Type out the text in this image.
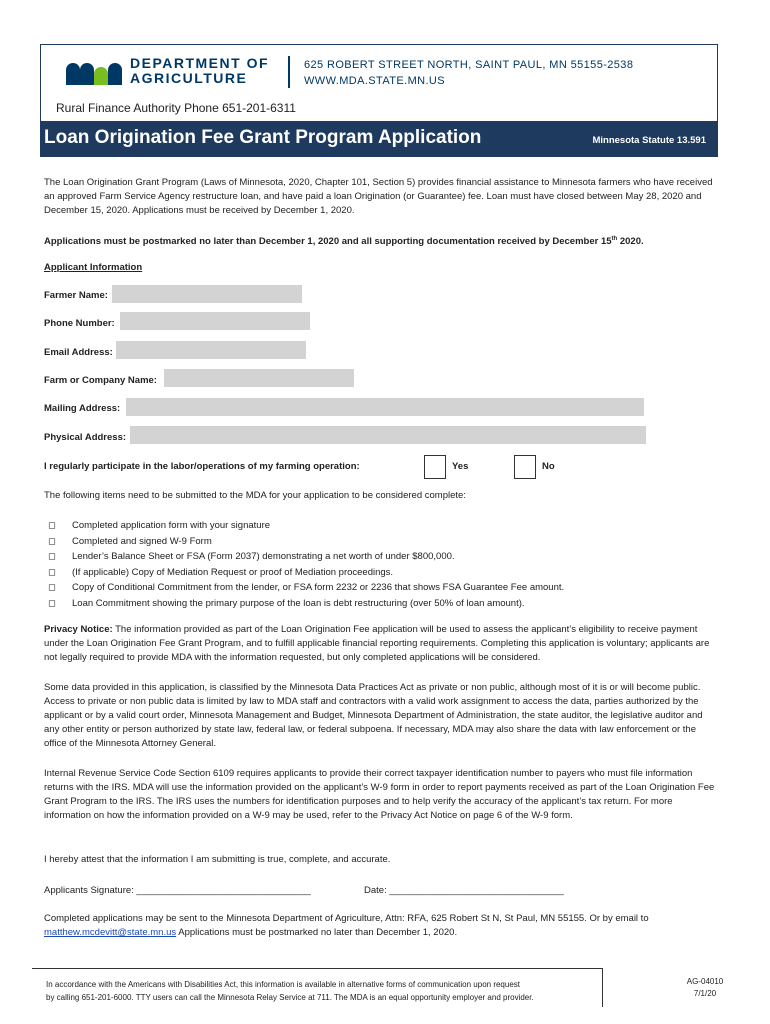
DEPARTMENT OF
AGRICULTURE
625 ROBERT STREET NORTH, SAINT PAUL, MN 55155-2538
WWW.MDA.STATE.MN.US
Rural Finance Authority Phone 651-201-6311
Loan Origination Fee Grant Program Application	Minnesota Statute 13.591
The Loan Origination Grant Program (Laws of Minnesota, 2020, Chapter 101, Section 5) provides financial assistance to Minnesota farmers who have received an approved Farm Service Agency restructure loan, and have paid a loan Origination (or Guarantee) fee. Loan must have closed between May 28, 2020 and December 15, 2020. Applications must be received by December 1, 2020.
Applications must be postmarked no later than December 1, 2020 and all supporting documentation received by December 15th 2020.
Applicant Information
Farmer Name:
Phone Number:
Email Address:
Farm or Company Name:
Mailing Address:
Physical Address:
I regularly participate in the labor/operations of my farming operation:	Yes	No
The following items need to be submitted to the MDA for your application to be considered complete:
◻	Completed application form with your signature
◻	Completed and signed W-9 Form
◻	Lender’s Balance Sheet or FSA (Form 2037) demonstrating a net worth of under $800,000.
◻	(If applicable) Copy of Mediation Request or proof of Mediation proceedings.
◻	Copy of Conditional Commitment from the lender, or FSA form 2232 or 2236 that shows FSA Guarantee Fee amount.
◻	Loan Commitment showing the primary purpose of the loan is debt restructuring (over 50% of loan amount).
Privacy Notice: The information provided as part of the Loan Origination Fee application will be used to assess the applicant’s eligibility to receive payment under the Loan Origination Fee Grant Program, and to fulfill applicable financial reporting requirements. Completing this application is voluntary; applicants are not legally required to provide MDA with the information requested, but only completed applications will be considered.
Some data provided in this application, is classified by the Minnesota Data Practices Act as private or non public, although most of it is or will become public. Access to private or non public data is limited by law to MDA staff and contractors with a valid work assignment to access the data, parties authorized by the applicant or by a valid court order, Minnesota Management and Budget, Minnesota Department of Administration, the state auditor, the legislative auditor and any other entity or person authorized by state law, federal law, or federal subpoena. If necessary, MDA may also share the data with law enforcement or the office of the Minnesota Attorney General.
Internal Revenue Service Code Section 6109 requires applicants to provide their correct taxpayer identification number to payers who must file information returns with the IRS. MDA will use the information provided on the applicant’s W-9 form in order to report payments received as part of the Loan Origination Fee Grant Program to the IRS. The IRS uses the numbers for identification purposes and to help verify the accuracy of the applicant’s tax return. For more information on how the information provided on a W-9 may be used, refer to the Privacy Act Notice on page 6 of the W-9 form.
I hereby attest that the information I am submitting is true, complete, and accurate.
Applicants Signature: _________________________________	Date: _________________________________
Completed applications may be sent to the Minnesota Department of Agriculture, Attn: RFA, 625 Robert St N, St Paul, MN 55155. Or by email to
matthew.mcdevitt@state.mn.us Applications must be postmarked no later than December 1, 2020.
In accordance with the Americans with Disabilities Act, this information is available in alternative forms of communication upon request
by calling 651-201-6000. TTY users can call the Minnesota Relay Service at 711. The MDA is an equal opportunity employer and provider.
AG-04010
7/1/20
